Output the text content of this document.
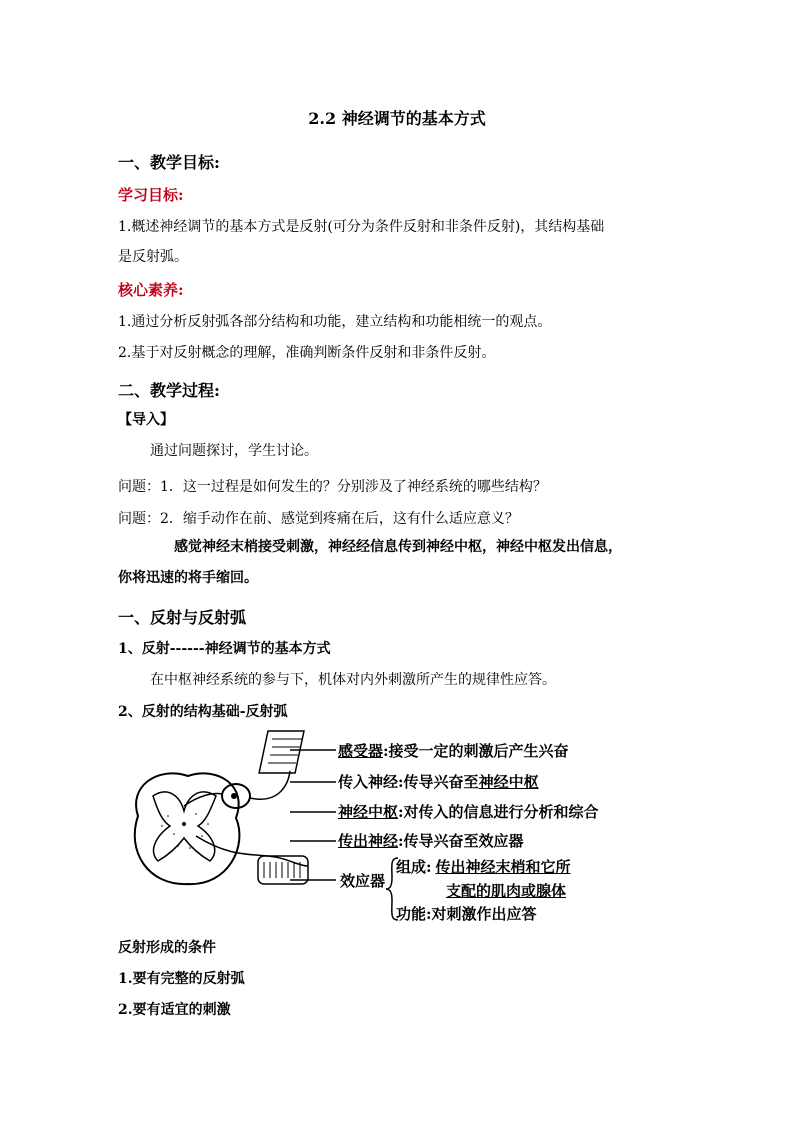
2.2 神经调节的基本方式
一、教学目标:
学习目标:
1.概述神经调节的基本方式是反射(可分为条件反射和非条件反射)，其结构基础
是反射弧。
核心素养:
1.通过分析反射弧各部分结构和功能，建立结构和功能相统一的观点。
2.基于对反射概念的理解，准确判断条件反射和非条件反射。
二、教学过程:
【导入】
通过问题探讨，学生讨论。
问题：1．这一过程是如何发生的？分别涉及了神经系统的哪些结构？
问题：2．缩手动作在前、感觉到疼痛在后，这有什么适应意义？
感觉神经末梢接受刺激，神经经信息传到神经中枢，神经中枢发出信息，
你将迅速的将手缩回。
一、反射与反射弧
1、反射------神经调节的基本方式
在中枢神经系统的参与下，机体对内外刺激所产生的规律性应答。
2、反射的结构基础-反射弧
感受器:接受一定的刺激后产生兴奋
传入神经:传导兴奋至神经中枢
神经中枢:对传入的信息进行分析和综合
传出神经:传导兴奋至效应器
效应器
组成: 传出神经末梢和它所
支配的肌肉或腺体
功能:对刺激作出应答
反射形成的条件
1.要有完整的反射弧
2.要有适宜的刺激
